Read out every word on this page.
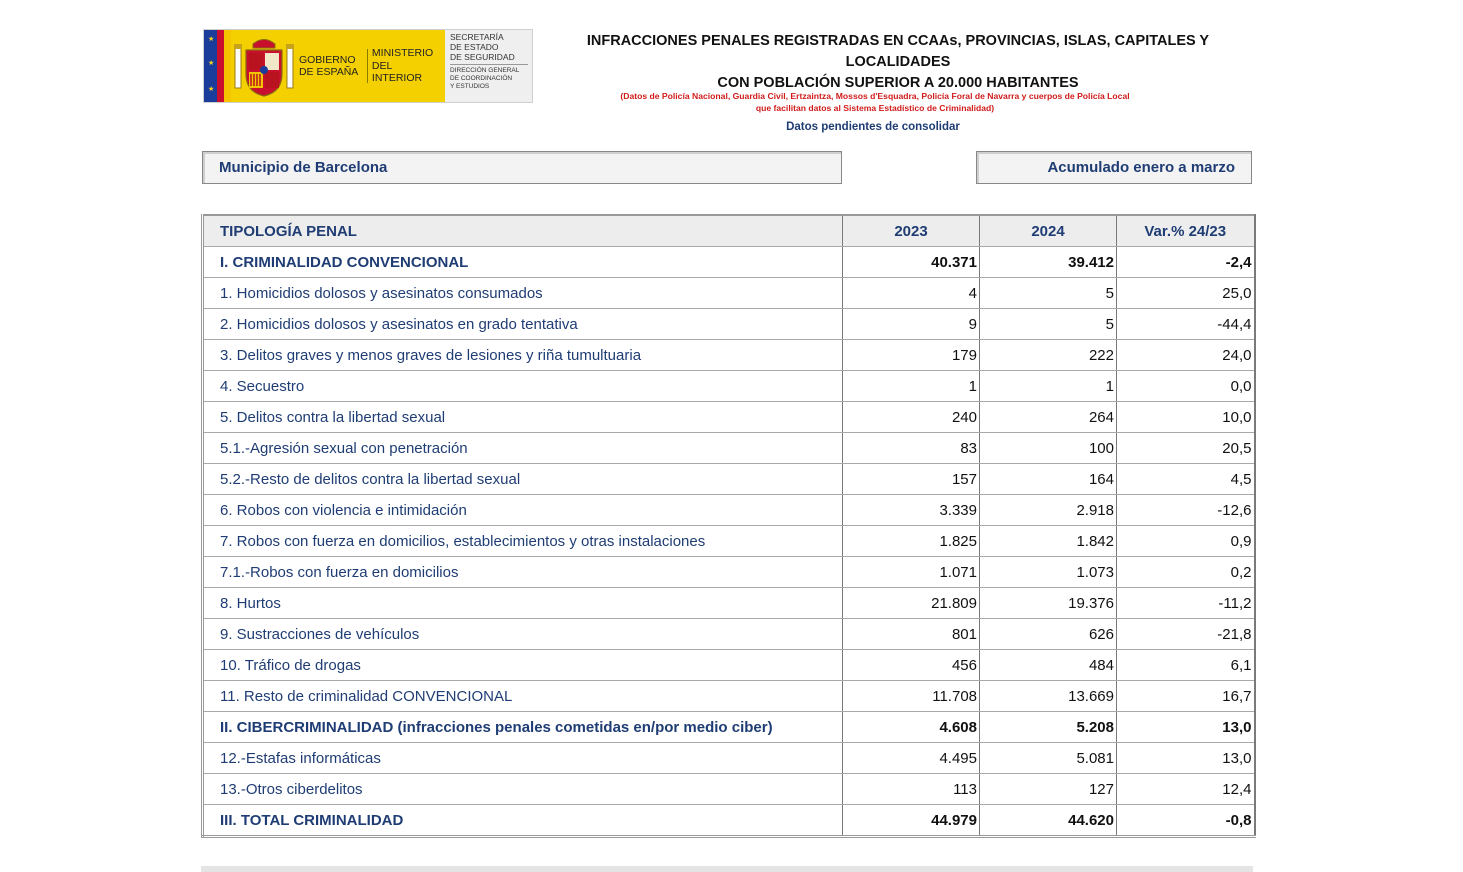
★
★
★
GOBIERNO
DE ESPAÑA
MINISTERIO
DEL INTERIOR
SECRETARÍA
DE ESTADO
DE SEGURIDAD
DIRECCIÓN GENERAL
DE COORDINACIÓN
Y ESTUDIOS
INFRACCIONES PENALES REGISTRADAS EN CCAAs, PROVINCIAS, ISLAS, CAPITALES Y LOCALIDADES
CON POBLACIÓN SUPERIOR A 20.000 HABITANTES
(Datos de Policía Nacional, Guardia Civil, Ertzaintza, Mossos d'Esquadra, Policía Foral de Navarra y cuerpos de Policía Local
que facilitan datos al Sistema Estadístico de Criminalidad)
Datos pendientes de consolidar
Municipio de Barcelona	Acumulado enero a marzo
TIPOLOGÍA PENAL	2023	2024	Var.% 24/23
I. CRIMINALIDAD CONVENCIONAL	40.371	39.412	-2,4
1. Homicidios dolosos y asesinatos consumados	4	5	25,0
2. Homicidios dolosos y asesinatos en grado tentativa	9	5	-44,4
3. Delitos graves y menos graves de lesiones y riña tumultuaria	179	222	24,0
4. Secuestro	1	1	0,0
5. Delitos contra la libertad sexual	240	264	10,0
5.1.-Agresión sexual con penetración	83	100	20,5
5.2.-Resto de delitos contra la libertad sexual	157	164	4,5
6. Robos con violencia e intimidación	3.339	2.918	-12,6
7. Robos con fuerza en domicilios, establecimientos y otras instalaciones	1.825	1.842	0,9
7.1.-Robos con fuerza en domicilios	1.071	1.073	0,2
8. Hurtos	21.809	19.376	-11,2
9. Sustracciones de vehículos	801	626	-21,8
10. Tráfico de drogas	456	484	6,1
11. Resto de criminalidad CONVENCIONAL	11.708	13.669	16,7
II. CIBERCRIMINALIDAD (infracciones penales cometidas en/por medio ciber)	4.608	5.208	13,0
12.-Estafas informáticas	4.495	5.081	13,0
13.-Otros ciberdelitos	113	127	12,4
III. TOTAL CRIMINALIDAD	44.979	44.620	-0,8
